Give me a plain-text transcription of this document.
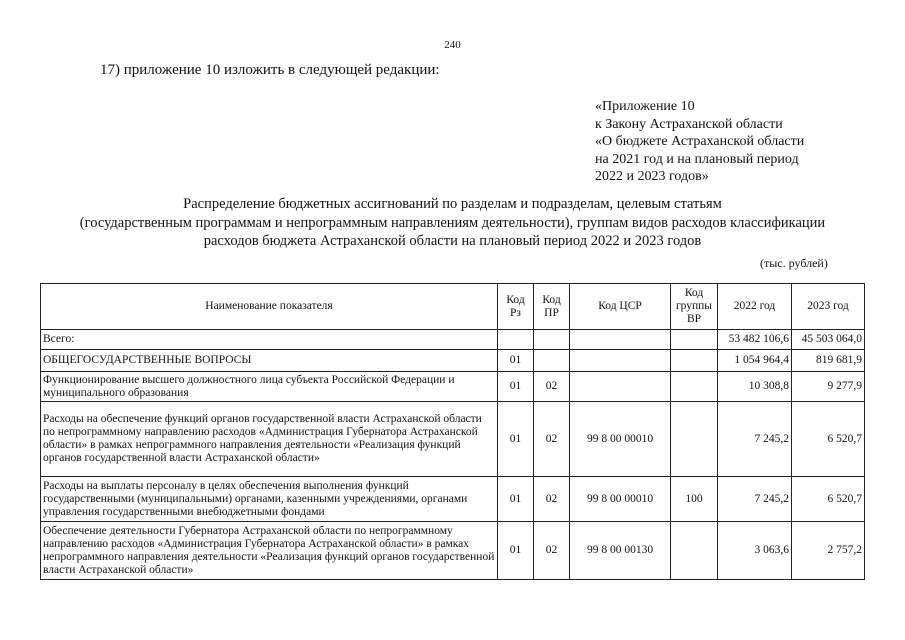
240
17) приложение 10 изложить в следующей редакции:
«Приложение 10
к Закону Астраханской области
«О бюджете Астраханской области
на 2021 год и на плановый период
2022 и 2023 годов»
Распределение бюджетных ассигнований по разделам и подразделам, целевым статьям
(государственным программам и непрограммным направлениям деятельности), группам видов расходов классификации
расходов бюджета Астраханской области на плановый период 2022 и 2023 годов
(тыс. рублей)
Наименование показателя	Код Рз	Код ПР	Код ЦСР	Код группы ВР	2022 год	2023 год
Всего:					53 482 106,6	45 503 064,0
ОБЩЕГОСУДАРСТВЕННЫЕ ВОПРОСЫ	01				1 054 964,4	819 681,9
Функционирование высшего должностного лица субъекта Российской Федерации и муниципального образования	01	02			10 308,8	9 277,9
Расходы на обеспечение функций органов государственной власти Астраханской области по непрограммному направлению расходов «Администрация Губернатора Астраханской области» в рамках непрограммного направления деятельности «Реализация функций органов государственной власти Астраханской области»	01	02	99 8 00 00010		7 245,2	6 520,7
Расходы на выплаты персоналу в целях обеспечения выполнения функций государственными (муниципальными) органами, казенными учреждениями, органами управления государственными внебюджетными фондами	01	02	99 8 00 00010	100	7 245,2	6 520,7
Обеспечение деятельности Губернатора Астраханской области по непрограммному направлению расходов «Администрация Губернатора Астраханской области» в рамках непрограммного направления деятельности «Реализация функций органов государственной власти Астраханской области»	01	02	99 8 00 00130		3 063,6	2 757,2
